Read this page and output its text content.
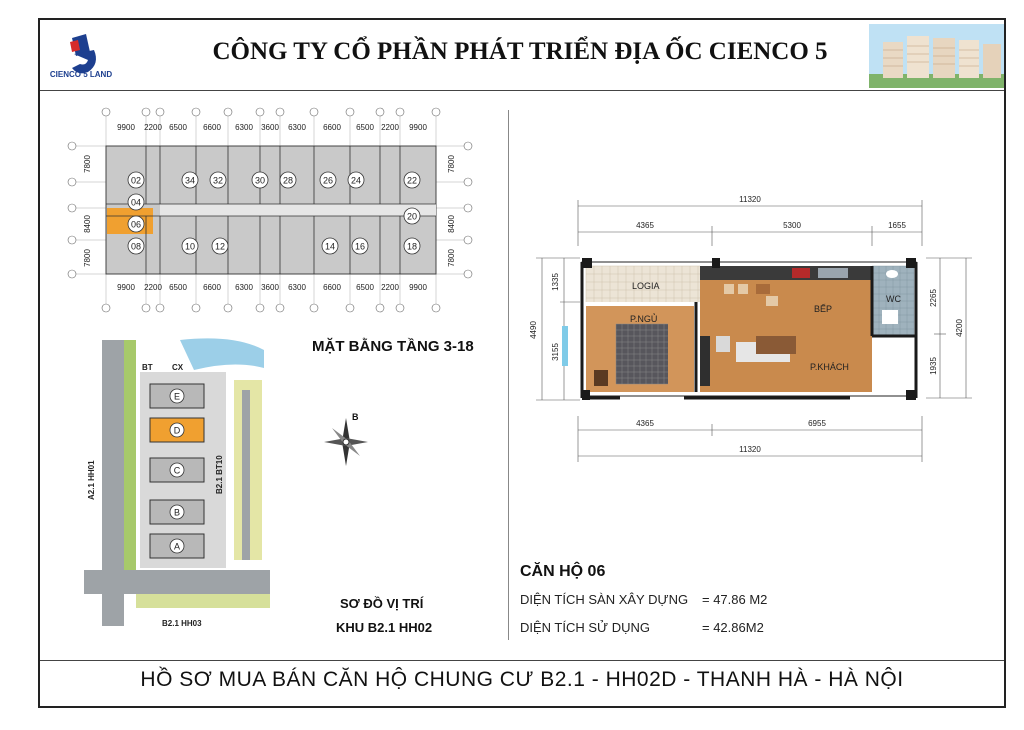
CIENCO 5 LAND
CÔNG TY CỔ PHẦN PHÁT TRIỂN ĐỊA ỐC CIENCO 5
02	34 32	30 28	26 24	22
04
20
06
08	10 12	14 16	18
9900
9900
2200
2200
6500
6500
6600
6600
6300
6300
3600
3600
6300
6300
6600
6600
6500
6500
2200
2200
9900
9900
7800	7800
8400	8400
7800	7800
MẶT BẰNG TẦNG 3-18
B
E
D
C
B
A
BT CX
A2.1 HH01	B2.1 BT10
B2.1 HH03
SƠ ĐỒ VỊ TRÍ
KHU B2.1 HH02
LOGIA
P.NGỦ
BẾP
WC
P.KHÁCH
11320
4365	5300	1655
4365	6955
11320
1335
4490
3155
2265
4200
1935
CĂN HỘ 06
DIỆN TÍCH SÀN XÂY DỰNG = 47.86 M2
DIỆN TÍCH SỬ DỤNG	= 42.86M2
HỒ SƠ MUA BÁN CĂN HỘ CHUNG CƯ B2.1 - HH02D - THANH HÀ - HÀ NỘI
